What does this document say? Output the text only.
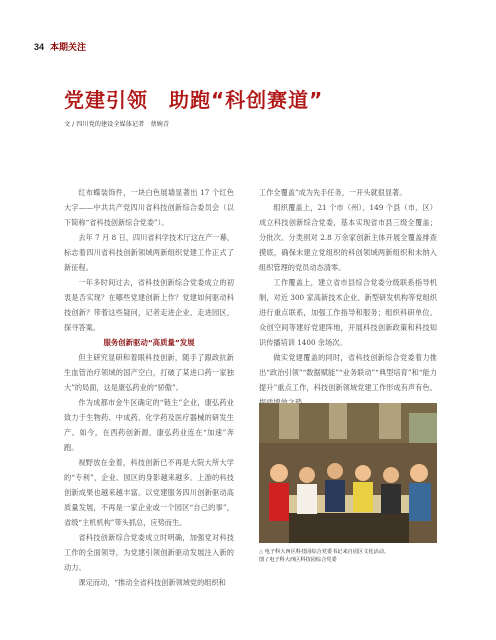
34 本期关注
党建引领　助跑“科创赛道”
文 / 四川党的建设全媒体记者　蔡婉青

红布蝶装饰件，一块白色展墙显著出 17 个红色大字——中共共产党四川省科技创新综合委员会（以下简称“省科技创新综合党委”）。

去年 7 月 8 日，四川省科学技术厅这在产一幕，标志着四川省科技创新领域两新组织党建工作正式了新征程。

一年多时间过去，省科技创新综合党委成立的初衷是否实现？在哪些党建创新上作？党建如何驱动科技创新？带着这些疑问，记者走进企业、走进园区，探寻答案。

服务创新驱动“高质量”发展

但主研究显研和着眼科技创新，随手了跟政抗新生血管治疗领域的国产空白，打破了某进口药一家独大”的局面，这是康弘药业的“骄傲”。

作为成都市金牛区确定的“链主”企业，康弘药业致力于生物药、中成药、化学药及医疗器械的研发生产。如今，在西药创新源，康弘药业连在“加速”奔跑。

视野放在金着，科技创新已不再是大院大所大学的“专利”，企业、园区的身影越来越多。上游的科技创新成果也越来越丰富。以党建服务四川创新驱动高质量发展，不再是一家企业或一个园区“自己的事”，省级“主机机构”带头抓总，应势而生。

省科技创新综合党委成立时明确，加强党对科技工作的全面领导，为党建引领创新驱动发展注入新的动力。

课定而动，“推动全省科技创新领域党的组织和

工作全覆盖”成为先手任务，一开头就很显著。

组织覆盖上，21 个市（州）、149 个县（市、区）成立科技创新综合党委，基本实现省市县三级全覆盖；分批次、分类别对 2.8 万余家创新主体开展全覆盖排查摸底，确保未建立党组织的科创领域两新组织和未纳入组织管理的党员动态清零。

工作覆盖上，建立省市县综合党委分级联系指导机制，对近 300 家高新技术企业、新型研发机构等党组织进行重点联系，加强工作指导和服务；组织科研单位、众创空间等建好党建阵地，开展科技创新政策和科技知识传播培训 1400 余场次。

做实党建覆盖的同时，省科技创新综合党委着力推出“政治引领”“数据赋能”“业务联动”“典型培育”和“能力提升”重点工作，科技创新领域党建工作形成有声有色、

△ 电子科大西区科技园综合党委书记来自园区文化活动。
图 / 电子科大西区科技园综合党委
